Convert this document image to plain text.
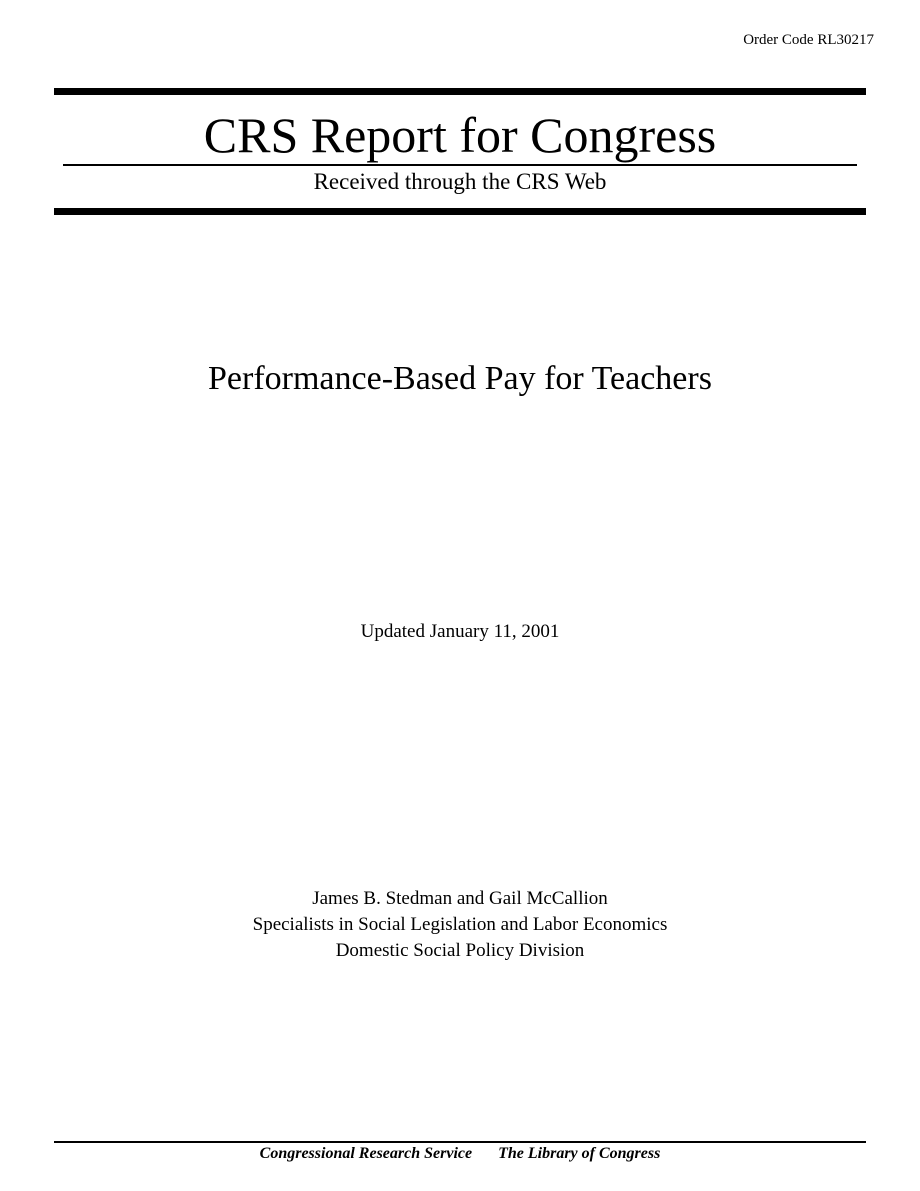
Order Code RL30217
CRS Report for Congress
Received through the CRS Web
Performance-Based Pay for Teachers
Updated January 11, 2001
James B. Stedman and Gail McCallion
Specialists in Social Legislation and Labor Economics
Domestic Social Policy Division
Congressional Research Service The Library of Congress
